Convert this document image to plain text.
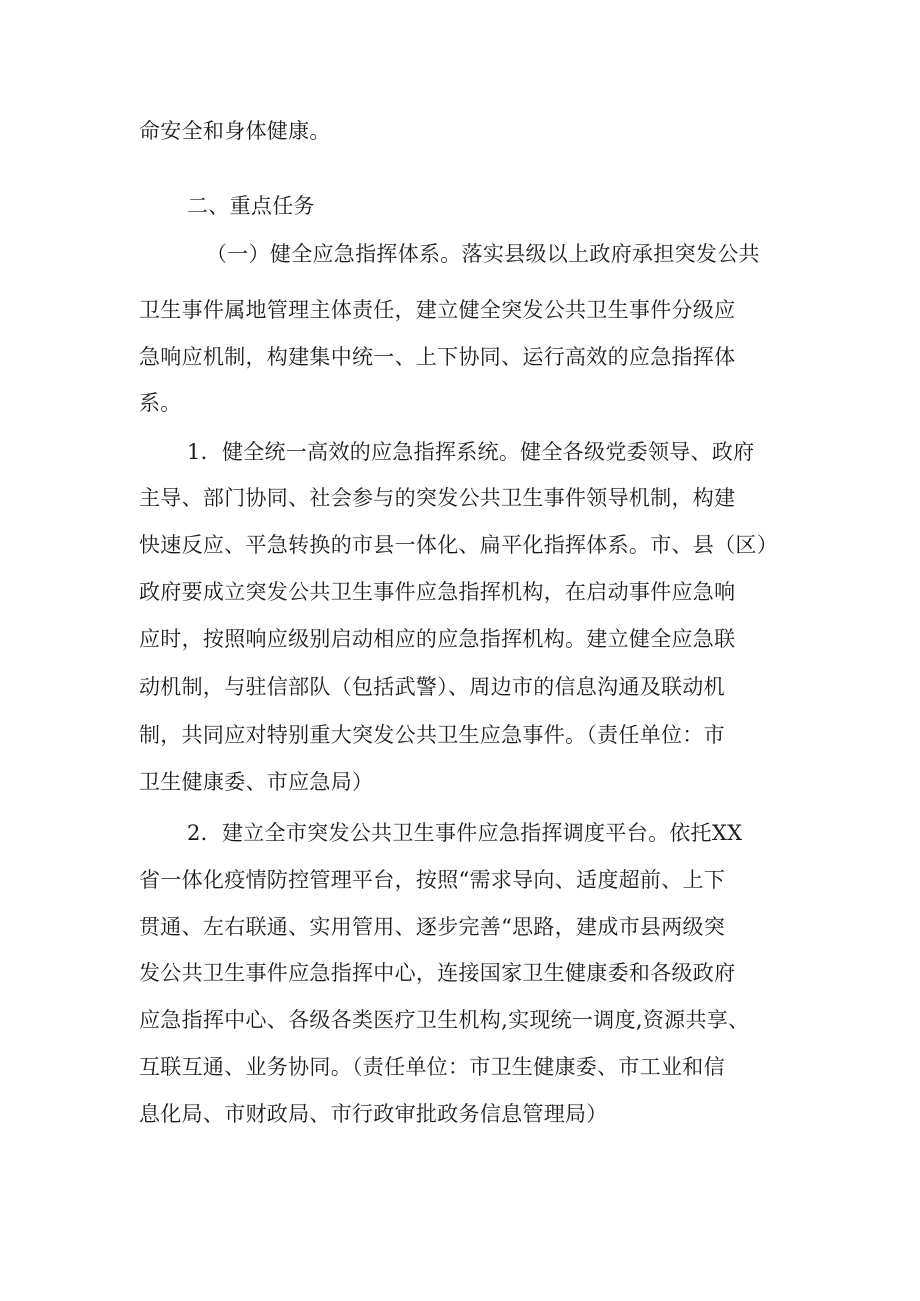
命安全和身体健康。
二、重点任务
（一）健全应急指挥体系。落实县级以上政府承担突发公共
卫生事件属地管理主体责任，建立健全突发公共卫生事件分级应
急响应机制，构建集中统一、上下协同、运行高效的应急指挥体
系。
1．健全统一高效的应急指挥系统。健全各级党委领导、政府
主导、部门协同、社会参与的突发公共卫生事件领导机制，构建
快速反应、平急转换的市县一体化、扁平化指挥体系。市、县（区）
政府要成立突发公共卫生事件应急指挥机构，在启动事件应急响
应时，按照响应级别启动相应的应急指挥机构。建立健全应急联
动机制，与驻信部队（包括武警）、周边市的信息沟通及联动机
制，共同应对特别重大突发公共卫生应急事件。（责任单位：市
卫生健康委、市应急局）
2．建立全市突发公共卫生事件应急指挥调度平台。依托XX
省一体化疫情防控管理平台，按照“需求导向、适度超前、上下
贯通、左右联通、实用管用、逐步完善“思路，建成市县两级突
发公共卫生事件应急指挥中心，连接国家卫生健康委和各级政府
应急指挥中心、各级各类医疗卫生机构,实现统一调度,资源共享、
互联互通、业务协同。（责任单位：市卫生健康委、市工业和信
息化局、市财政局、市行政审批政务信息管理局）
